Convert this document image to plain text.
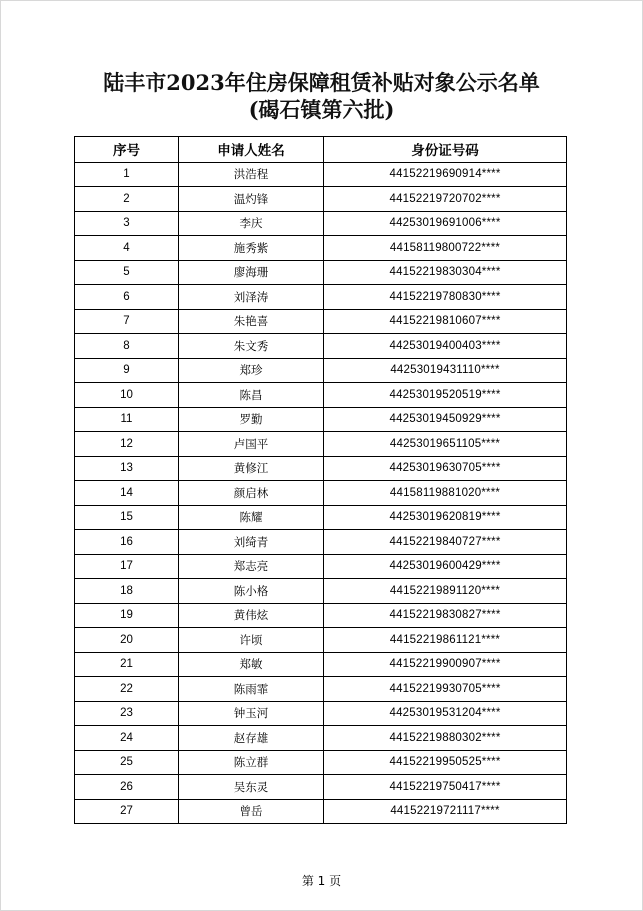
陆丰市2023年住房保障租赁补贴对象公示名单
(碣石镇第六批)
序号	申请人姓名	身份证号码
1	洪浩程	44152219690914****
2	温灼锋	44152219720702****
3	李庆	44253019691006****
4	施秀紫	44158119800722****
5	廖海珊	44152219830304****
6	刘泽涛	44152219780830****
7	朱艳喜	44152219810607****
8	朱文秀	44253019400403****
9	郑珍	44253019431110****
10	陈昌	44253019520519****
11	罗勤	44253019450929****
12	卢国平	44253019651105****
13	黄修江	44253019630705****
14	颜启林	44158119881020****
15	陈耀	44253019620819****
16	刘绮青	44152219840727****
17	郑志亮	44253019600429****
18	陈小格	44152219891120****
19	黄伟炫	44152219830827****
20	许顷	44152219861121****
21	郑敏	44152219900907****
22	陈雨霏	44152219930705****
23	钟玉河	44253019531204****
24	赵存雄	44152219880302****
25	陈立群	44152219950525****
26	吴东灵	44152219750417****
27	曾岳	44152219721117****
第 1 页
